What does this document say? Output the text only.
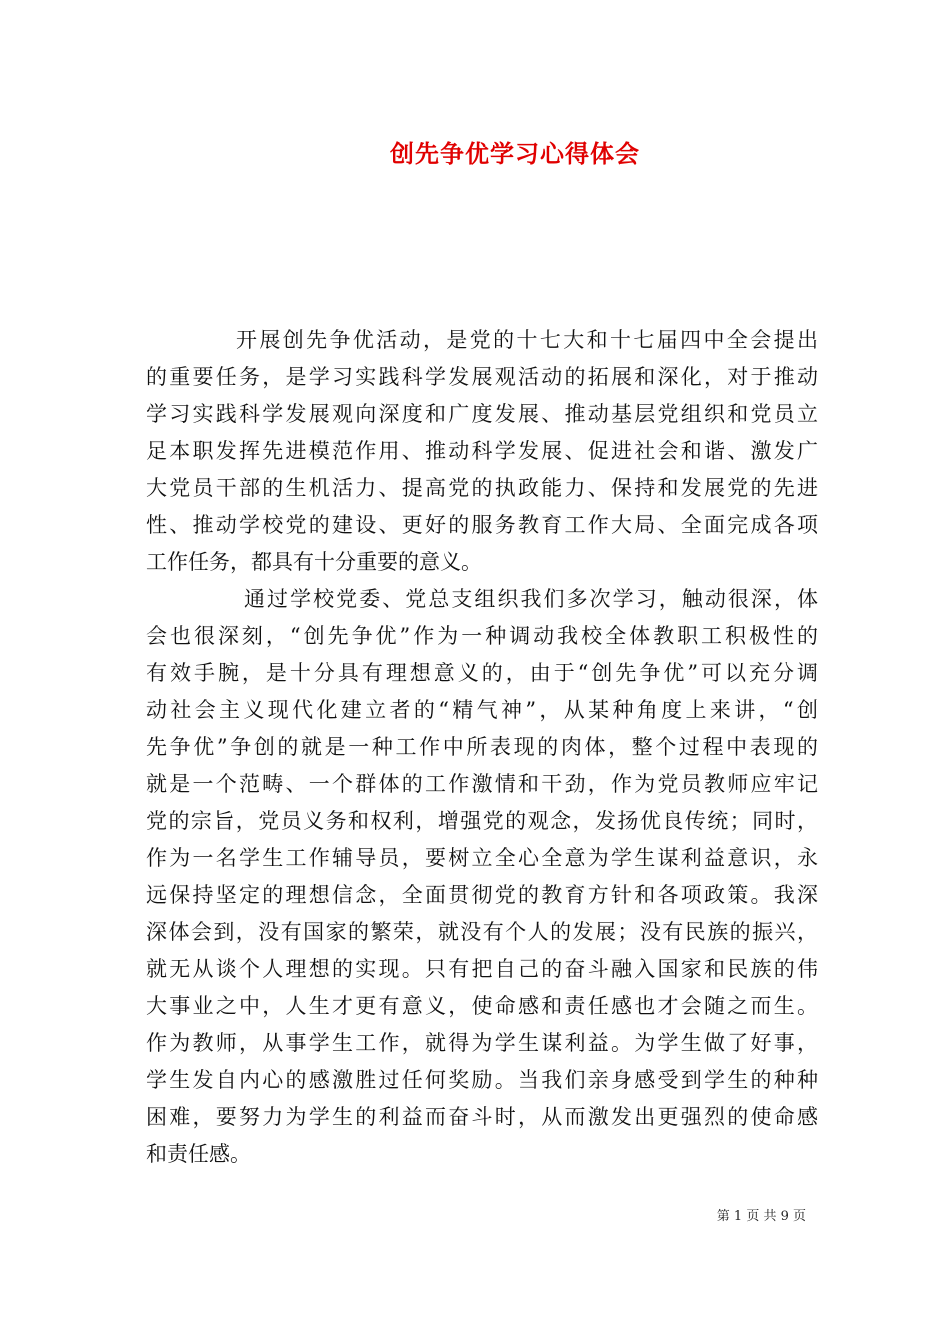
创先争优学习心得体会
开展创先争优活动，是党的十七大和十七届四中全会提出
的重要任务，是学习实践科学发展观活动的拓展和深化，对于推动
学习实践科学发展观向深度和广度发展、推动基层党组织和党员立
足本职发挥先进模范作用、推动科学发展、促进社会和谐、激发广
大党员干部的生机活力、提高党的执政能力、保持和发展党的先进
性、推动学校党的建设、更好的服务教育工作大局、全面完成各项
工作任务，都具有十分重要的意义。
通过学校党委、党总支组织我们多次学习，触动很深，体
会也很深刻，“创先争优”作为一种调动我校全体教职工积极性的
有效手腕，是十分具有理想意义的，由于“创先争优”可以充分调
动社会主义现代化建立者的“精气神”，从某种角度上来讲，“创
先争优”争创的就是一种工作中所表现的肉体，整个过程中表现的
就是一个范畴、一个群体的工作激情和干劲，作为党员教师应牢记
党的宗旨，党员义务和权利，增强党的观念，发扬优良传统；同时，
作为一名学生工作辅导员，要树立全心全意为学生谋利益意识，永
远保持坚定的理想信念，全面贯彻党的教育方针和各项政策。我深
深体会到，没有国家的繁荣，就没有个人的发展；没有民族的振兴，
就无从谈个人理想的实现。只有把自己的奋斗融入国家和民族的伟
大事业之中，人生才更有意义，使命感和责任感也才会随之而生。
作为教师，从事学生工作，就得为学生谋利益。为学生做了好事，
学生发自内心的感激胜过任何奖励。当我们亲身感受到学生的种种
困难，要努力为学生的利益而奋斗时，从而激发出更强烈的使命感
和责任感。
第 1 页 共 9 页
